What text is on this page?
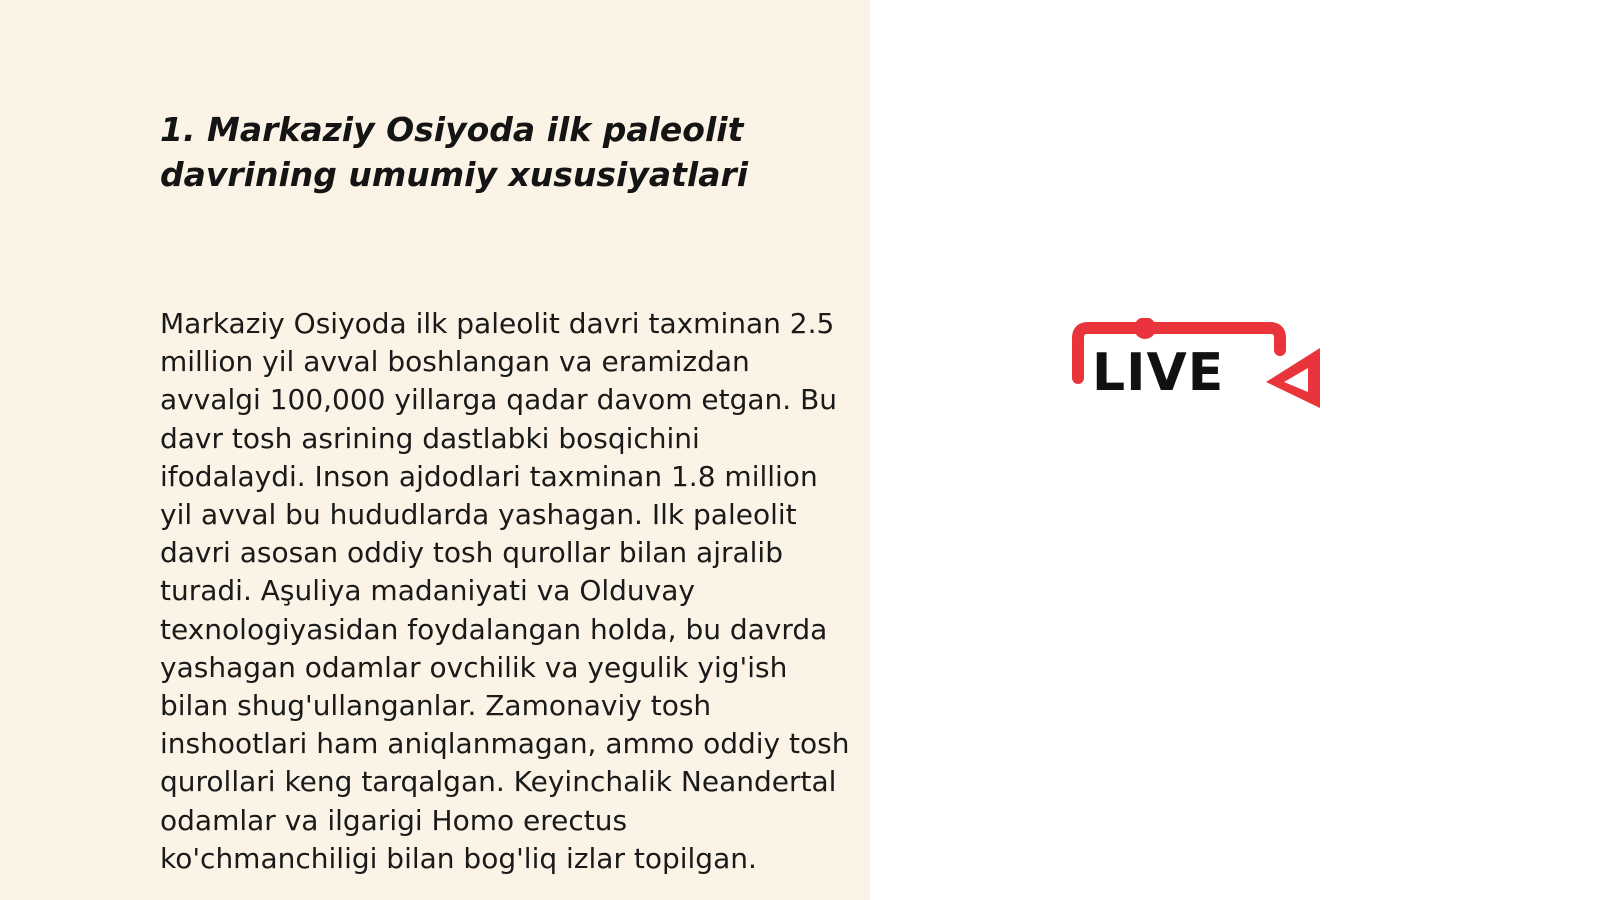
1. Markaziy Osiyoda ilk paleolit davrining umumiy xususiyatlari

Markaziy Osiyoda ilk paleolit davri taxminan 2.5 million yil avval boshlangan va eramizdan avvalgi 100,000 yillarga qadar davom etgan. Bu davr tosh asrining dastlabki bosqichini ifodalaydi. Inson ajdodlari taxminan 1.8 million yil avval bu hududlarda yashagan. Ilk paleolit davri asosan oddiy tosh qurollar bilan ajralib turadi. Aşuliya madaniyati va Olduvay texnologiyasidan foydalangan holda, bu davrda yashagan odamlar ovchilik va yegulik yig'ish bilan shug'ullanganlar. Zamonaviy tosh inshootlari ham aniqlanmagan, ammo oddiy tosh qurollari keng tarqalgan. Keyinchalik Neandertal odamlar va ilgarigi Homo erectus ko'chmanchiligi bilan bog'liq izlar topilgan.

LIVE
